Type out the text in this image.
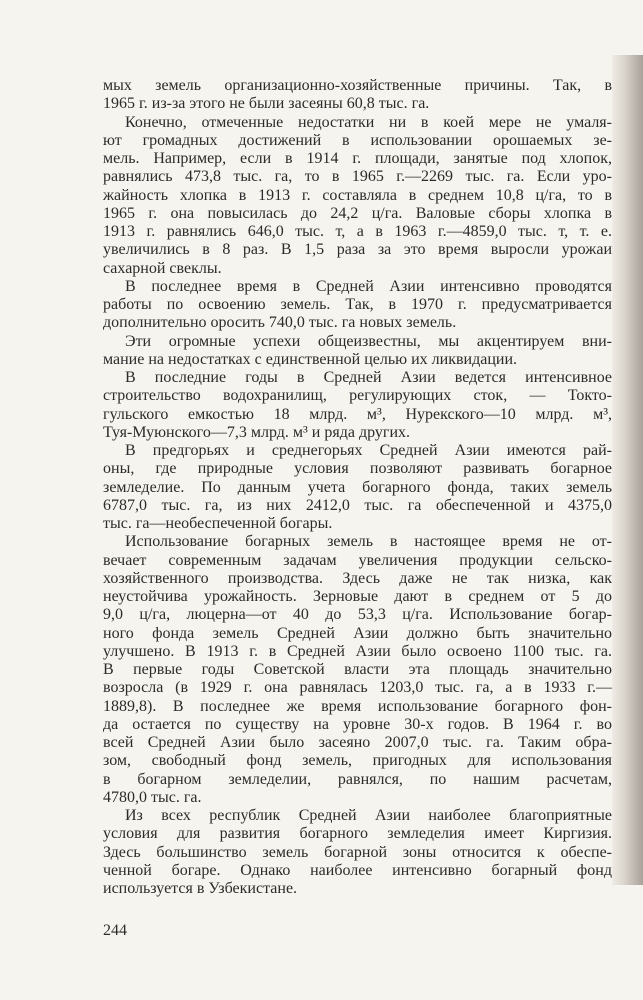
мых земель организационно-хозяйственные причины. Так, в
1965 г. из-за этого не были засеяны 60,8 тыс. га.
Конечно, отмеченные недостатки ни в коей мере не умаля-
ют громадных достижений в использовании орошаемых зе-
мель. Например, если в 1914 г. площади, занятые под хлопок,
равнялись 473,8 тыс. га, то в 1965 г.—2269 тыс. га. Если уро-
жайность хлопка в 1913 г. составляла в среднем 10,8 ц/га, то в
1965 г. она повысилась до 24,2 ц/га. Валовые сборы хлопка в
1913 г. равнялись 646,0 тыс. т, а в 1963 г.—4859,0 тыс. т, т. е.
увеличились в 8 раз. В 1,5 раза за это время выросли урожаи
сахарной свеклы.
В последнее время в Средней Азии интенсивно проводятся
работы по освоению земель. Так, в 1970 г. предусматривается
дополнительно оросить 740,0 тыс. га новых земель.
Эти огромные успехи общеизвестны, мы акцентируем вни-
мание на недостатках с единственной целью их ликвидации.
В последние годы в Средней Азии ведется интенсивное
строительство водохранилищ, регулирующих сток, — Токто-
гульского емкостью 18 млрд. м³, Нурекского—10 млрд. м³,
Туя-Муюнского—7,3 млрд. м³ и ряда других.
В предгорьях и среднегорьях Средней Азии имеются рай-
оны, где природные условия позволяют развивать богарное
земледелие. По данным учета богарного фонда, таких земель
6787,0 тыс. га, из них 2412,0 тыс. га обеспеченной и 4375,0
тыс. га—необеспеченной богары.
Использование богарных земель в настоящее время не от-
вечает современным задачам увеличения продукции сельско-
хозяйственного производства. Здесь даже не так низка, как
неустойчива урожайность. Зерновые дают в среднем от 5 до
9,0 ц/га, люцерна—от 40 до 53,3 ц/га. Использование богар-
ного фонда земель Средней Азии должно быть значительно
улучшено. В 1913 г. в Средней Азии было освоено 1100 тыс. га.
В первые годы Советской власти эта площадь значительно
возросла (в 1929 г. она равнялась 1203,0 тыс. га, а в 1933 г.—
1889,8). В последнее же время использование богарного фон-
да остается по существу на уровне 30-х годов. В 1964 г. во
всей Средней Азии было засеяно 2007,0 тыс. га. Таким обра-
зом, свободный фонд земель, пригодных для использования
в богарном земледелии, равнялся, по нашим расчетам,
4780,0 тыс. га.
Из всех республик Средней Азии наиболее благоприятные
условия для развития богарного земледелия имеет Киргизия.
Здесь большинство земель богарной зоны относится к обеспе-
ченной богаре. Однако наиболее интенсивно богарный фонд
используется в Узбекистане.
244
